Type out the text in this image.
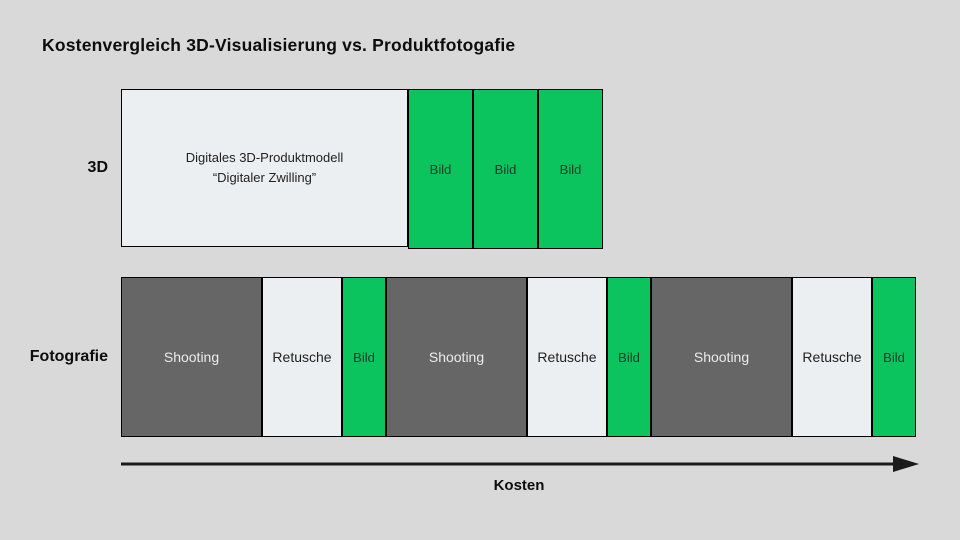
Kostenvergleich 3D-Visualisierung vs. Produktfotogafie
3D
Digitales 3D-Produktmodell
“Digitaler Zwilling”
Bild	Bild	Bild
Fotografie	Shooting	Retusche	Bild	Shooting	Retusche	Bild	Shooting	Retusche	Bild
Kosten
